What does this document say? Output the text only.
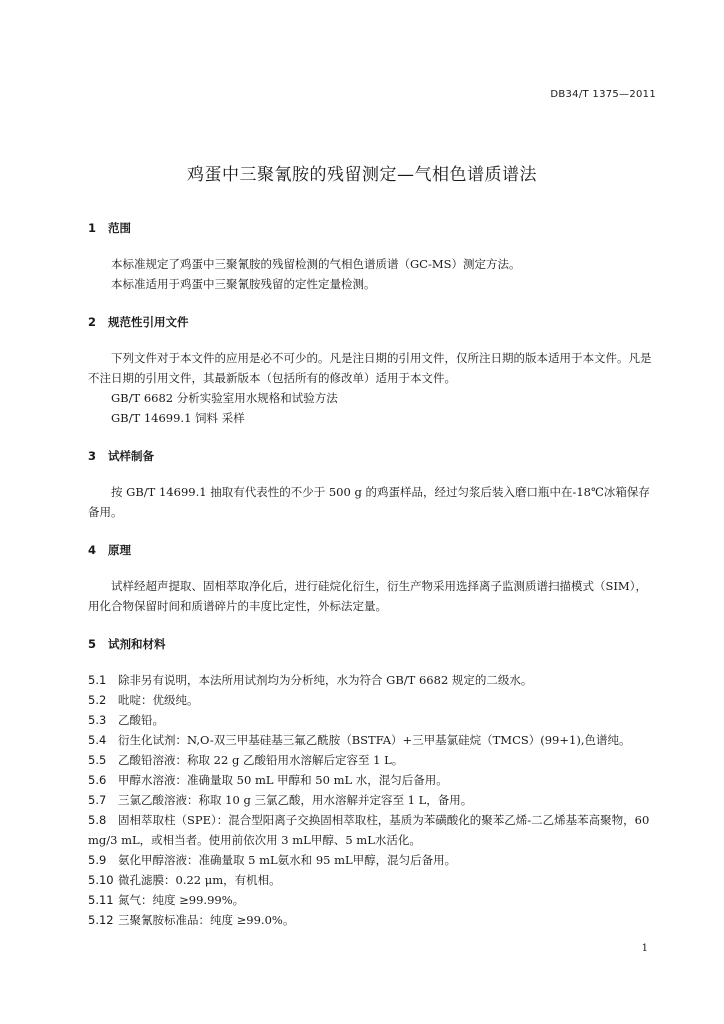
DB34/T 1375—2011
鸡蛋中三聚氰胺的残留测定—气相色谱质谱法
1 范围

本标准规定了鸡蛋中三聚氰胺的残留检测的气相色谱质谱（GC-MS）测定方法。

本标准适用于鸡蛋中三聚氰胺残留的定性定量检测。

2 规范性引用文件

下列文件对于本文件的应用是必不可少的。凡是注日期的引用文件，仅所注日期的版本适用于本文件。凡是不注日期的引用文件，其最新版本（包括所有的修改单）适用于本文件。

GB/T 6682 分析实验室用水规格和试验方法

GB/T 14699.1 饲料 采样

3 试样制备

按 GB/T 14699.1 抽取有代表性的不少于 500 g 的鸡蛋样品，经过匀浆后装入磨口瓶中在-18℃冰箱保存备用。

4 原理

试样经超声提取、固相萃取净化后，进行硅烷化衍生，衍生产物采用选择离子监测质谱扫描模式（SIM），用化合物保留时间和质谱碎片的丰度比定性，外标法定量。

5 试剂和材料

5.1 除非另有说明，本法所用试剂均为分析纯，水为符合 GB/T 6682 规定的二级水。

5.2 吡啶：优级纯。

5.3 乙酸铅。

5.4 衍生化试剂：N,O-双三甲基硅基三氟乙酰胺（BSTFA）+三甲基氯硅烷（TMCS）(99+1),色谱纯。

5.5 乙酸铅溶液：称取 22 g 乙酸铅用水溶解后定容至 1 L。

5.6 甲醇水溶液：准确量取 50 mL 甲醇和 50 mL 水，混匀后备用。

5.7 三氯乙酸溶液：称取 10 g 三氯乙酸，用水溶解并定容至 1 L，备用。

5.8 固相萃取柱（SPE）：混合型阳离子交换固相萃取柱，基质为苯磺酸化的聚苯乙烯-二乙烯基苯高聚物，60 mg/3 mL，或相当者。使用前依次用 3 mL甲醇、5 mL水活化。

5.9 氨化甲醇溶液：准确量取 5 mL氨水和 95 mL甲醇，混匀后备用。

5.10 微孔滤膜：0.22 μm，有机相。

5.11 氮气：纯度 ≥99.99%。

5.12 三聚氰胺标准品：纯度 ≥99.0%。

1
